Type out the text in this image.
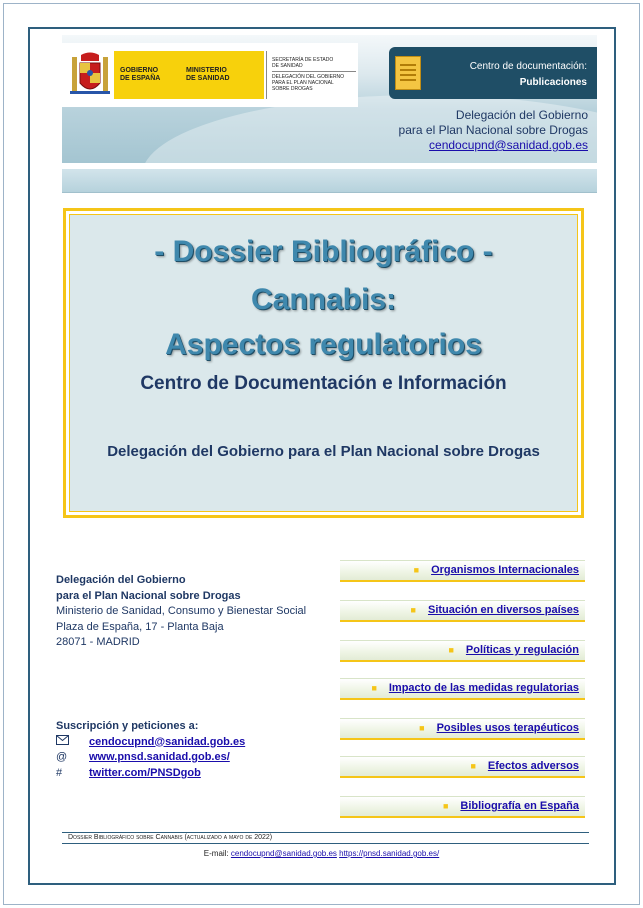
GOBIERNO
DE ESPAÑA
MINISTERIO
DE SANIDAD
SECRETARÍA DE ESTADO
DE SANIDAD
DELEGACIÓN DEL GOBIERNO
PARA EL PLAN NACIONAL
SOBRE DROGAS
Centro de documentación:
Publicaciones
Delegación del Gobierno
para el Plan Nacional sobre Drogas
cendocupnd@sanidad.gob.es
- Dossier Bibliográfico -
Cannabis:
Aspectos regulatorios
Centro de Documentación e Información
Delegación del Gobierno para el Plan Nacional sobre Drogas
Delegación del Gobierno
para el Plan Nacional sobre Drogas
Ministerio de Sanidad, Consumo y Bienestar Social
Plaza de España, 17 - Planta Baja
28071 - MADRID
Suscripción y peticiones a:
cendocupnd@sanidad.gob.es
@	www.pnsd.sanidad.gob.es/
#	twitter.com/PNSDgob
■ Organismos Internacionales
■ Situación en diversos países
■ Políticas y regulación
■ Impacto de las medidas regulatorias
■ Posibles usos terapéuticos
■ Efectos adversos
■ Bibliografía en España
Dossier Bibliográfico sobre Cannabis (actualizado a mayo de 2022)
E-mail: cendocupnd@sanidad.gob.es https://pnsd.sanidad.gob.es/
